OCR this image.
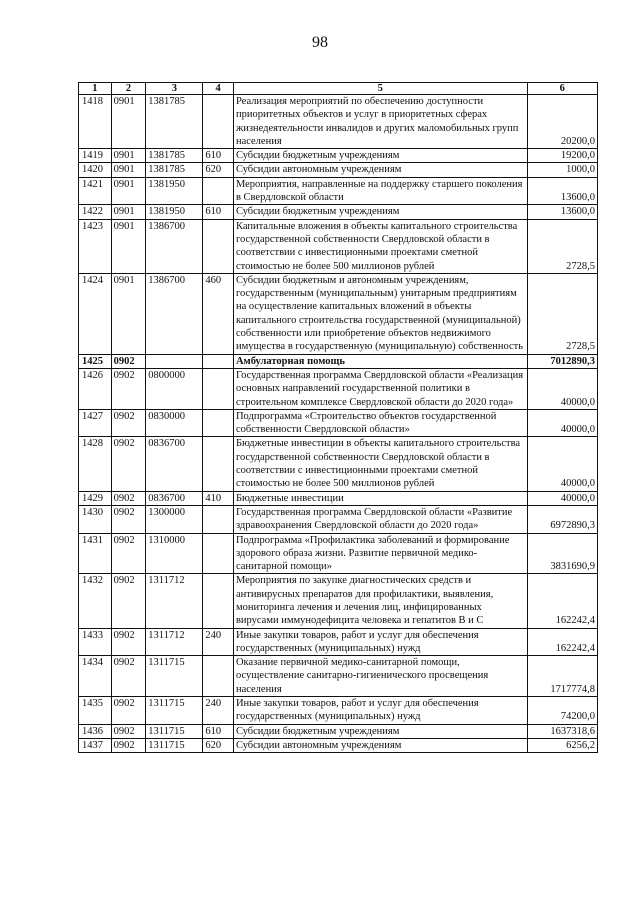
98
1	2	3	4	5	6
1418	0901	1381785		Реализация мероприятий по обеспечению доступности приоритетных объектов и услуг в приоритетных сферах жизнедеятельности инвалидов и других маломобильных групп населения	20200,0
1419	0901	1381785	610	Субсидии бюджетным учреждениям	19200,0
1420	0901	1381785	620	Субсидии автономным учреждениям	1000,0
1421	0901	1381950		Мероприятия, направленные на поддержку старшего поколения в Свердловской области	13600,0
1422	0901	1381950	610	Субсидии бюджетным учреждениям	13600,0
1423	0901	1386700		Капитальные вложения в объекты капитального строительства государственной собственности Свердловской области в соответствии с инвестиционными проектами сметной стоимостью не более 500 миллионов рублей	2728,5
1424	0901	1386700	460	Субсидии бюджетным и автономным учреждениям, государственным (муниципальным) унитарным предприятиям на осуществление капитальных вложений в объекты капитального строительства государственной (муниципальной) собственности или приобретение объектов недвижимого имущества в государственную (муниципальную) собственность	2728,5
1425	0902			Амбулаторная помощь	7012890,3
1426	0902	0800000		Государственная программа Свердловской области «Реализация основных направлений государственной политики в строительном комплексе Свердловской области до 2020 года»	40000,0
1427	0902	0830000		Подпрограмма «Строительство объектов государственной собственности Свердловской области»	40000,0
1428	0902	0836700		Бюджетные инвестиции в объекты капитального строительства государственной собственности Свердловской области в соответствии с инвестиционными проектами сметной стоимостью не более 500 миллионов рублей	40000,0
1429	0902	0836700	410	Бюджетные инвестиции	40000,0
1430	0902	1300000		Государственная программа Свердловской области «Развитие здравоохранения Свердловской области до 2020 года»	6972890,3
1431	0902	1310000		Подпрограмма «Профилактика заболеваний и формирование здорового образа жизни. Развитие первичной медико-санитарной помощи»	3831690,9
1432	0902	1311712		Мероприятия по закупке диагностических средств и антивирусных препаратов для профилактики, выявления, мониторинга лечения и лечения лиц, инфицированных вирусами иммунодефицита человека и гепатитов В и С	162242,4
1433	0902	1311712	240	Иные закупки товаров, работ и услуг для обеспечения государственных (муниципальных) нужд	162242,4
1434	0902	1311715		Оказание первичной медико-санитарной помощи, осуществление санитарно-гигиенического просвещения населения	1717774,8
1435	0902	1311715	240	Иные закупки товаров, работ и услуг для обеспечения государственных (муниципальных) нужд	74200,0
1436	0902	1311715	610	Субсидии бюджетным учреждениям	1637318,6
1437	0902	1311715	620	Субсидии автономным учреждениям	6256,2
